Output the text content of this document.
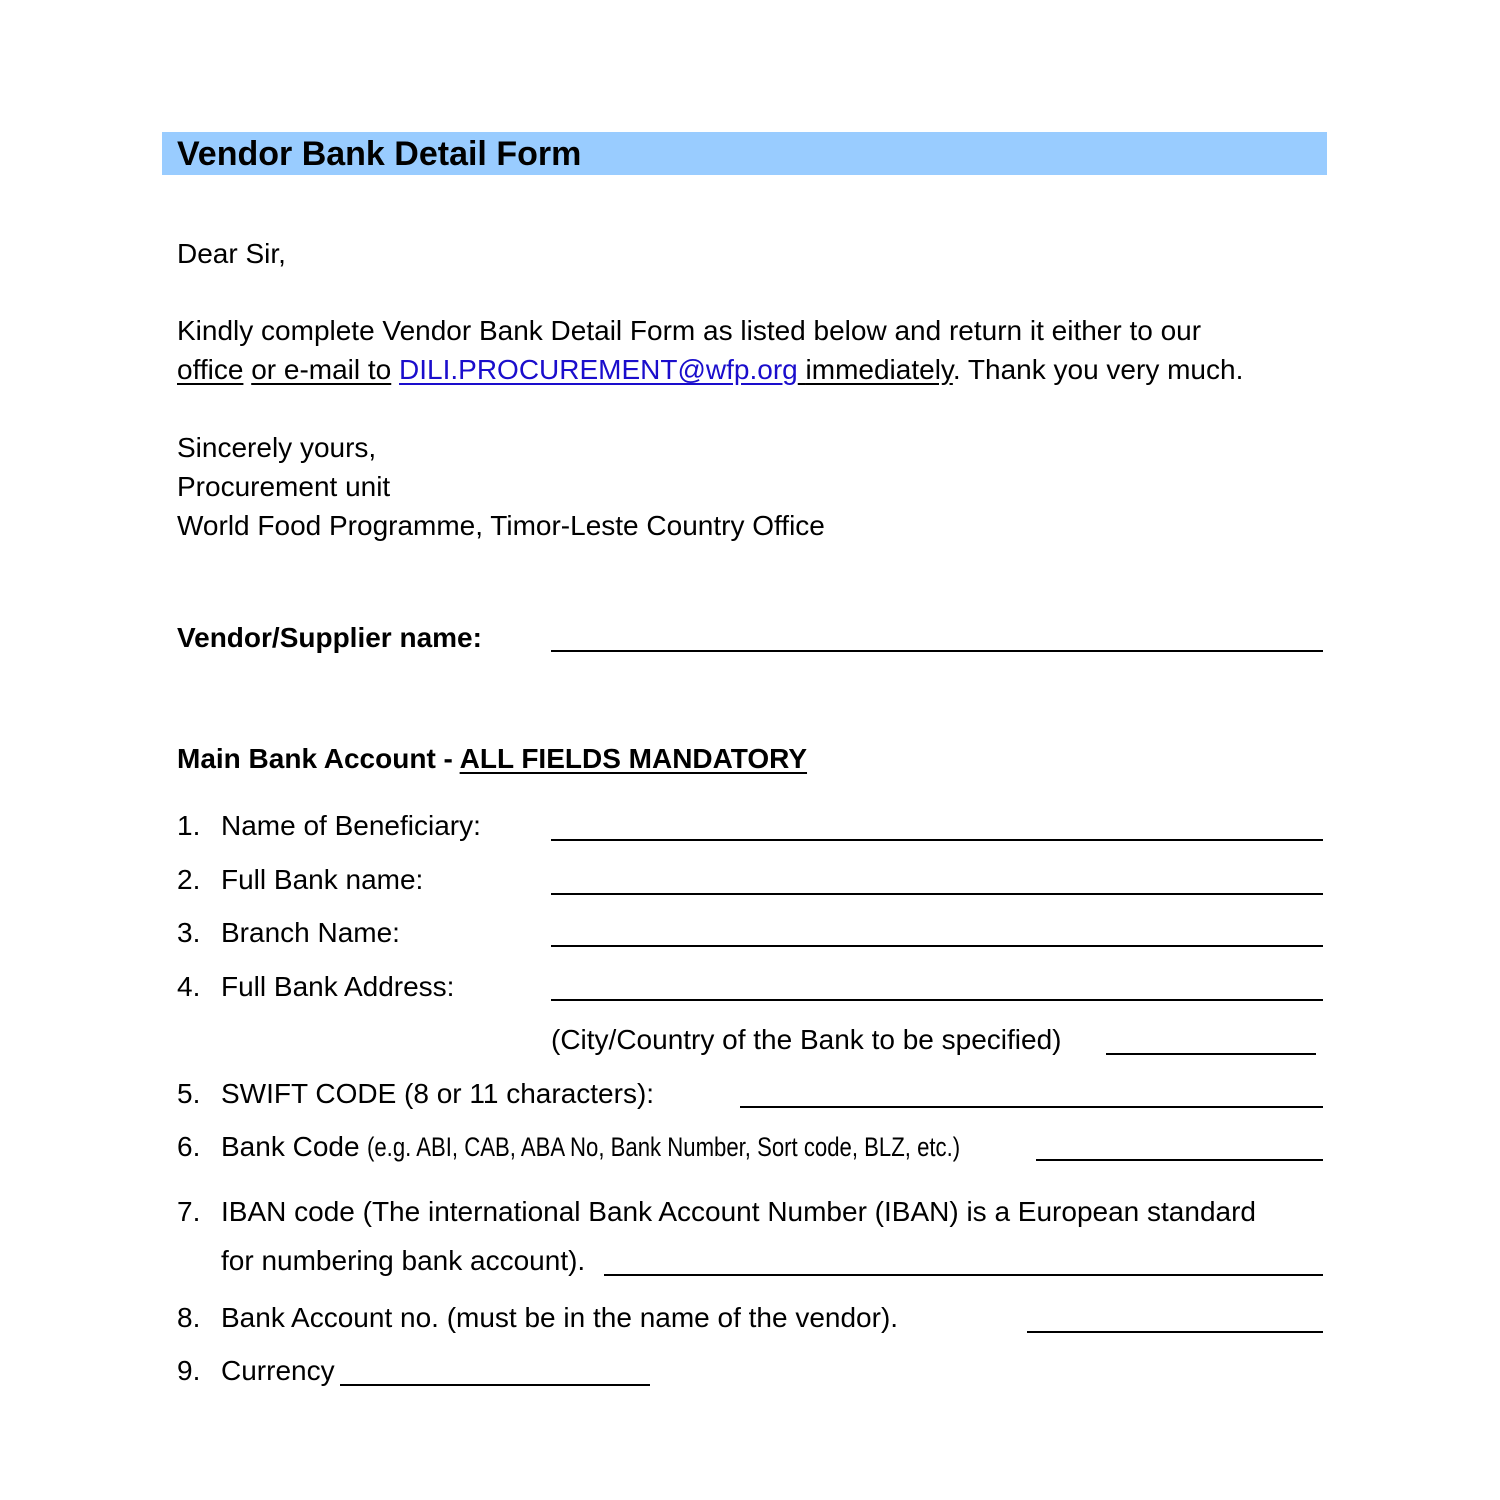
Vendor Bank Detail Form
Dear Sir,
Kindly complete Vendor Bank Detail Form as listed below and return it either to our
office or e-mail to DILI.PROCUREMENT@wfp.org immediately. Thank you very much.
Sincerely yours,
Procurement unit
World Food Programme, Timor-Leste Country Office
Vendor/Supplier name:
Main Bank Account - ALL FIELDS MANDATORY
1. Name of Beneficiary:
2. Full Bank name:
3. Branch Name:
4. Full Bank Address:
(City/Country of the Bank to be specified)
5. SWIFT CODE (8 or 11 characters):
6. Bank Code (e.g. ABI, CAB, ABA No, Bank Number, Sort code, BLZ, etc.)
7. IBAN code (The international Bank Account Number (IBAN) is a European standard
for numbering bank account).
8. Bank Account no. (must be in the name of the vendor).
9. Currency
